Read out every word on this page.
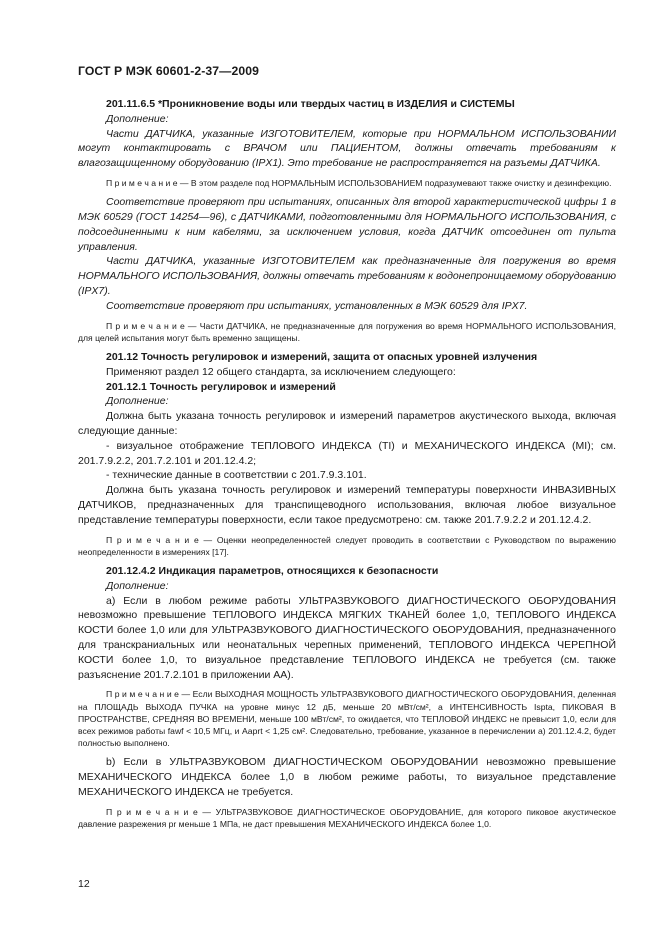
ГОСТ Р МЭК 60601-2-37—2009

201.11.6.5 *Проникновение воды или твердых частиц в ИЗДЕЛИЯ и СИСТЕМЫ

Дополнение:

Части ДАТЧИКА, указанные ИЗГОТОВИТЕЛЕМ, которые при НОРМАЛЬНОМ ИСПОЛЬЗОВАНИИ могут контактировать с ВРАЧОМ или ПАЦИЕНТОМ, должны отвечать требованиям к влагозащищенному оборудованию (IPX1). Это требование не распространяется на разъемы ДАТЧИКА.

П р и м е ч а н и е — В этом разделе под НОРМАЛЬНЫМ ИСПОЛЬЗОВАНИЕМ подразумевают также очистку и дезинфекцию.

Соответствие проверяют при испытаниях, описанных для второй характеристической цифры 1 в МЭК 60529 (ГОСТ 14254—96), с ДАТЧИКАМИ, подготовленными для НОРМАЛЬНОГО ИСПОЛЬЗОВАНИЯ, с подсоединенными к ним кабелями, за исключением условия, когда ДАТЧИК отсоединен от пульта управления.

Части ДАТЧИКА, указанные ИЗГОТОВИТЕЛЕМ как предназначенные для погружения во время НОРМАЛЬНОГО ИСПОЛЬЗОВАНИЯ, должны отвечать требованиям к водонепроницаемому оборудованию (IPX7).

Соответствие проверяют при испытаниях, установленных в МЭК 60529 для IPX7.

П р и м е ч а н и е — Части ДАТЧИКА, не предназначенные для погружения во время НОРМАЛЬНОГО ИСПОЛЬЗОВАНИЯ, для целей испытания могут быть временно защищены.

201.12 Точность регулировок и измерений, защита от опасных уровней излучения

Применяют раздел 12 общего стандарта, за исключением следующего:

201.12.1 Точность регулировок и измерений

Дополнение:

Должна быть указана точность регулировок и измерений параметров акустического выхода, включая следующие данные:

- визуальное отображение ТЕПЛОВОГО ИНДЕКСА (TI) и МЕХАНИЧЕСКОГО ИНДЕКСА (MI); см. 201.7.9.2.2, 201.7.2.101 и 201.12.4.2;

- технические данные в соответствии с 201.7.9.3.101.

Должна быть указана точность регулировок и измерений температуры поверхности ИНВАЗИВНЫХ ДАТЧИКОВ, предназначенных для транспищеводного использования, включая любое визуальное представление температуры поверхности, если такое предусмотрено: см. также 201.7.9.2.2 и 201.12.4.2.

П р и м е ч а н и е — Оценки неопределенностей следует проводить в соответствии с Руководством по выражению неопределенности в измерениях [17].

201.12.4.2 Индикация параметров, относящихся к безопасности

Дополнение:

a) Если в любом режиме работы УЛЬТРАЗВУКОВОГО ДИАГНОСТИЧЕСКОГО ОБОРУДОВАНИЯ невозможно превышение ТЕПЛОВОГО ИНДЕКСА МЯГКИХ ТКАНЕЙ более 1,0, ТЕПЛОВОГО ИНДЕКСА КОСТИ более 1,0 или для УЛЬТРАЗВУКОВОГО ДИАГНОСТИЧЕСКОГО ОБОРУДОВАНИЯ, предназначенного для транскраниальных или неонатальных черепных применений, ТЕПЛОВОГО ИНДЕКСА ЧЕРЕПНОЙ КОСТИ более 1,0, то визуальное представление ТЕПЛОВОГО ИНДЕКСА не требуется (см. также разъяснение 201.7.2.101 в приложении АА).

П р и м е ч а н и е — Если ВЫХОДНАЯ МОЩНОСТЬ УЛЬТРАЗВУКОВОГО ДИАГНОСТИЧЕСКОГО ОБОРУДОВАНИЯ, деленная на ПЛОЩАДЬ ВЫХОДА ПУЧКА на уровне минус 12 дБ, меньше 20 мВт/см², а ИНТЕНСИВНОСТЬ Ispta, ПИКОВАЯ В ПРОСТРАНСТВЕ, СРЕДНЯЯ ВО ВРЕМЕНИ, меньше 100 мВт/см², то ожидается, что ТЕПЛОВОЙ ИНДЕКС не превысит 1,0, если для всех режимов работы fawf < 10,5 МГц, и Aaprt < 1,25 см². Следовательно, требование, указанное в перечислении а) 201.12.4.2, будет полностью выполнено.

b) Если в УЛЬТРАЗВУКОВОМ ДИАГНОСТИЧЕСКОМ ОБОРУДОВАНИИ невозможно превышение МЕХАНИЧЕСКОГО ИНДЕКСА более 1,0 в любом режиме работы, то визуальное представление МЕХАНИЧЕСКОГО ИНДЕКСА не требуется.

П р и м е ч а н и е — УЛЬТРАЗВУКОВОЕ ДИАГНОСТИЧЕСКОЕ ОБОРУДОВАНИЕ, для которого пиковое акустическое давление разрежения pr меньше 1 МПа, не даст превышения МЕХАНИЧЕСКОГО ИНДЕКСА более 1,0.

12
